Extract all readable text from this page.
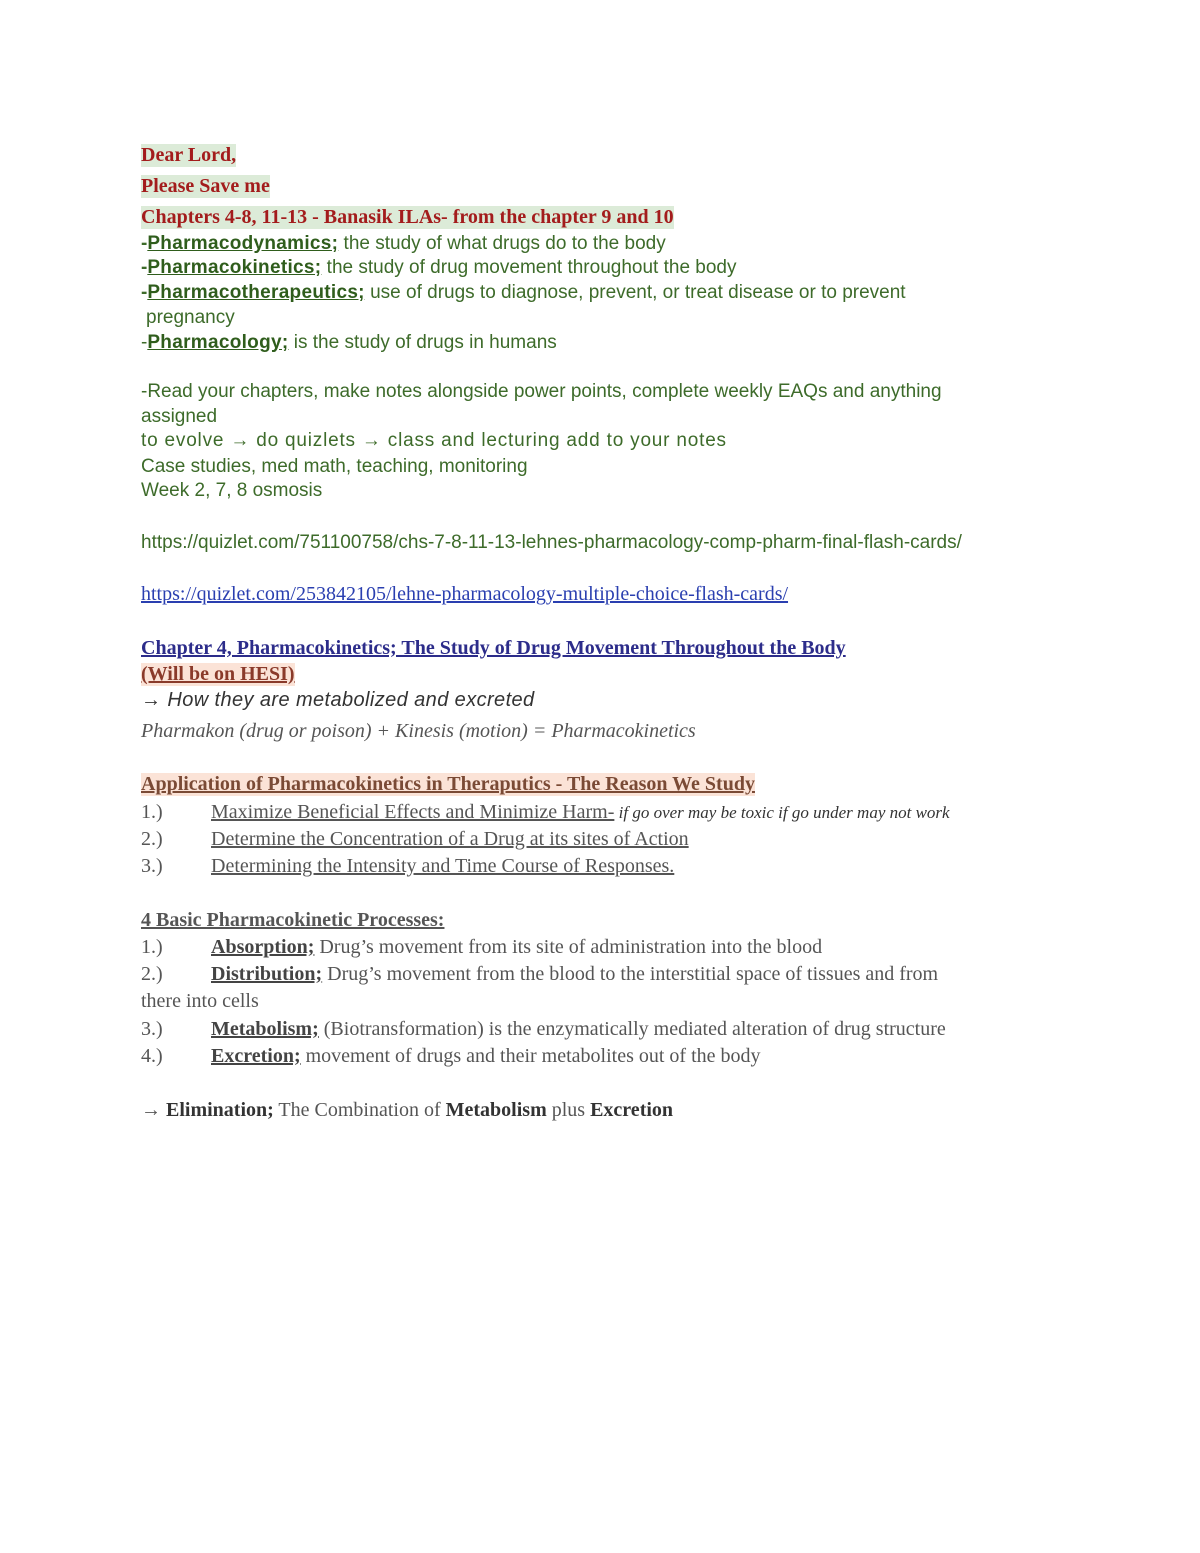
Dear Lord,
Please Save me
Chapters 4-8, 11-13 - Banasik ILAs- from the chapter 9 and 10
-Pharmacodynamics; the study of what drugs do to the body
-Pharmacokinetics; the study of drug movement throughout the body
-Pharmacotherapeutics; use of drugs to diagnose, prevent, or treat disease or to prevent
pregnancy
-Pharmacology; is the study of drugs in humans
-Read your chapters, make notes alongside power points, complete weekly EAQs and anything
assigned
to evolve → do quizlets → class and lecturing add to your notes
Case studies, med math, teaching, monitoring
Week 2, 7, 8 osmosis
https://quizlet.com/751100758/chs-7-8-11-13-lehnes-pharmacology-comp-pharm-final-flash-cards/
https://quizlet.com/253842105/lehne-pharmacology-multiple-choice-flash-cards/
Chapter 4, Pharmacokinetics; The Study of Drug Movement Throughout the Body
(Will be on HESI)
→ How they are metabolized and excreted
Pharmakon (drug or poison) + Kinesis (motion) = Pharmacokinetics
Application of Pharmacokinetics in Theraputics - The Reason We Study
1.) Maximize Beneficial Effects and Minimize Harm- if go over may be toxic if go under may not work
2.) Determine the Concentration of a Drug at its sites of Action
3.) Determining the Intensity and Time Course of Responses.
4 Basic Pharmacokinetic Processes:
1.) Absorption; Drug’s movement from its site of administration into the blood
2.) Distribution; Drug’s movement from the blood to the interstitial space of tissues and from
there into cells
3.) Metabolism; (Biotransformation) is the enzymatically mediated alteration of drug structure
4.) Excretion; movement of drugs and their metabolites out of the body
→ Elimination; The Combination of Metabolism plus Excretion
